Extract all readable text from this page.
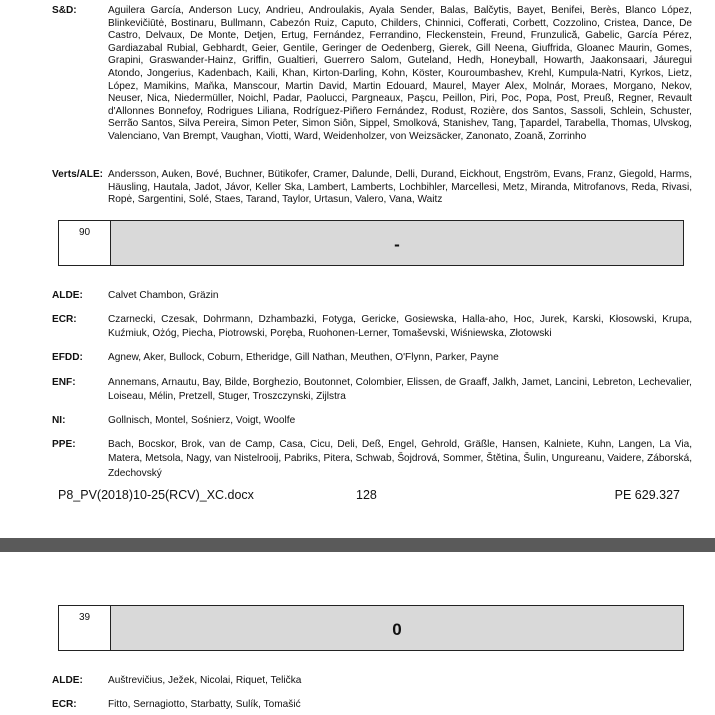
S&D:	Aguilera García, Anderson Lucy, Andrieu, Androulakis, Ayala Sender, Balas, Balčytis, Bayet, Benifei, Berès, Blanco López, Blinkevičiūtė, Bostinaru, Bullmann, Cabezón Ruiz, Caputo, Childers, Chinnici, Cofferati, Corbett, Cozzolino, Cristea, Dance, De Castro, Delvaux, De Monte, Detjen, Ertug, Fernández, Ferrandino, Fleckenstein, Freund, Frunzulică, Gabelic, García Pérez, Gardiazabal Rubial, Gebhardt, Geier, Gentile, Geringer de Oedenberg, Gierek, Gill Neena, Giuffrida, Gloanec Maurin, Gomes, Grapini, Graswander-Hainz, Griffin, Gualtieri, Guerrero Salom, Guteland, Hedh, Honeyball, Howarth, Jaakonsaari, Jáuregui Atondo, Jongerius, Kadenbach, Kaili, Khan, Kirton-Darling, Kohn, Köster, Kouroumbashev, Krehl, Kumpula-Natri, Kyrkos, Lietz, López, Mamikins, Maňka, Manscour, Martin David, Martin Edouard, Maurel, Mayer Alex, Molnár, Moraes, Morgano, Nekov, Neuser, Nica, Niedermüller, Noichl, Padar, Paolucci, Pargneaux, Paşcu, Peillon, Piri, Poc, Popa, Post, Preuß, Regner, Revault d'Allonnes Bonnefoy, Rodrigues Liliana, Rodríguez-Piñero Fernández, Rodust, Rozière, dos Santos, Sassoli, Schlein, Schuster, Serrão Santos, Silva Pereira, Simon Peter, Simon Siôn, Sippel, Smolková, Stanishev, Tang, Ţapardel, Tarabella, Thomas, Ulvskog, Valenciano, Van Brempt, Vaughan, Viotti, Ward, Weidenholzer, von Weizsäcker, Zanonato, Zoană, Zorrinho
Verts/ALE: Andersson, Auken, Bové, Buchner, Bütikofer, Cramer, Dalunde, Delli, Durand, Eickhout, Engström, Evans, Franz, Giegold, Harms, Häusling, Hautala, Jadot, Jávor, Keller Ska, Lambert, Lamberts, Lochbihler, Marcellesi, Metz, Miranda, Mitrofanovs, Reda, Rivasi, Ropė, Sargentini, Solé, Staes, Tarand, Taylor, Urtasun, Valero, Vana, Waitz
90
-
ALDE:	Calvet Chambon, Gräzin
ECR:	Czarnecki, Czesak, Dohrmann, Dzhambazki, Fotyga, Gericke, Gosiewska, Halla-aho, Hoc, Jurek, Karski, Kłosowski, Krupa, Kuźmiuk, Ożóg, Piecha, Piotrowski, Poręba, Ruohonen-Lerner, Tomaševski, Wiśniewska, Złotowski
EFDD:	Agnew, Aker, Bullock, Coburn, Etheridge, Gill Nathan, Meuthen, O'Flynn, Parker, Payne
ENF:	Annemans, Arnautu, Bay, Bilde, Borghezio, Boutonnet, Colombier, Elissen, de Graaff, Jalkh, Jamet, Lancini, Lebreton, Lechevalier, Loiseau, Mélin, Pretzell, Stuger, Troszczynski, Zijlstra
NI:	Gollnisch, Montel, Sośnierz, Voigt, Woolfe
PPE:	Bach, Bocskor, Brok, van de Camp, Casa, Cicu, Deli, Deß, Engel, Gehrold, Gräßle, Hansen, Kalniete, Kuhn, Langen, La Via, Matera, Metsola, Nagy, van Nistelrooij, Pabriks, Pitera, Schwab, Šojdrová, Sommer, Štětina, Šulin, Ungureanu, Vaidere, Záborská, Zdechovský
P8_PV(2018)10-25(RCV)_XC.docx	128	PE 629.327
39
0
ALDE:	Auštrevičius, Ježek, Nicolai, Riquet, Telička
ECR:	Fitto, Sernagiotto, Starbatty, Sulík, Tomašić
